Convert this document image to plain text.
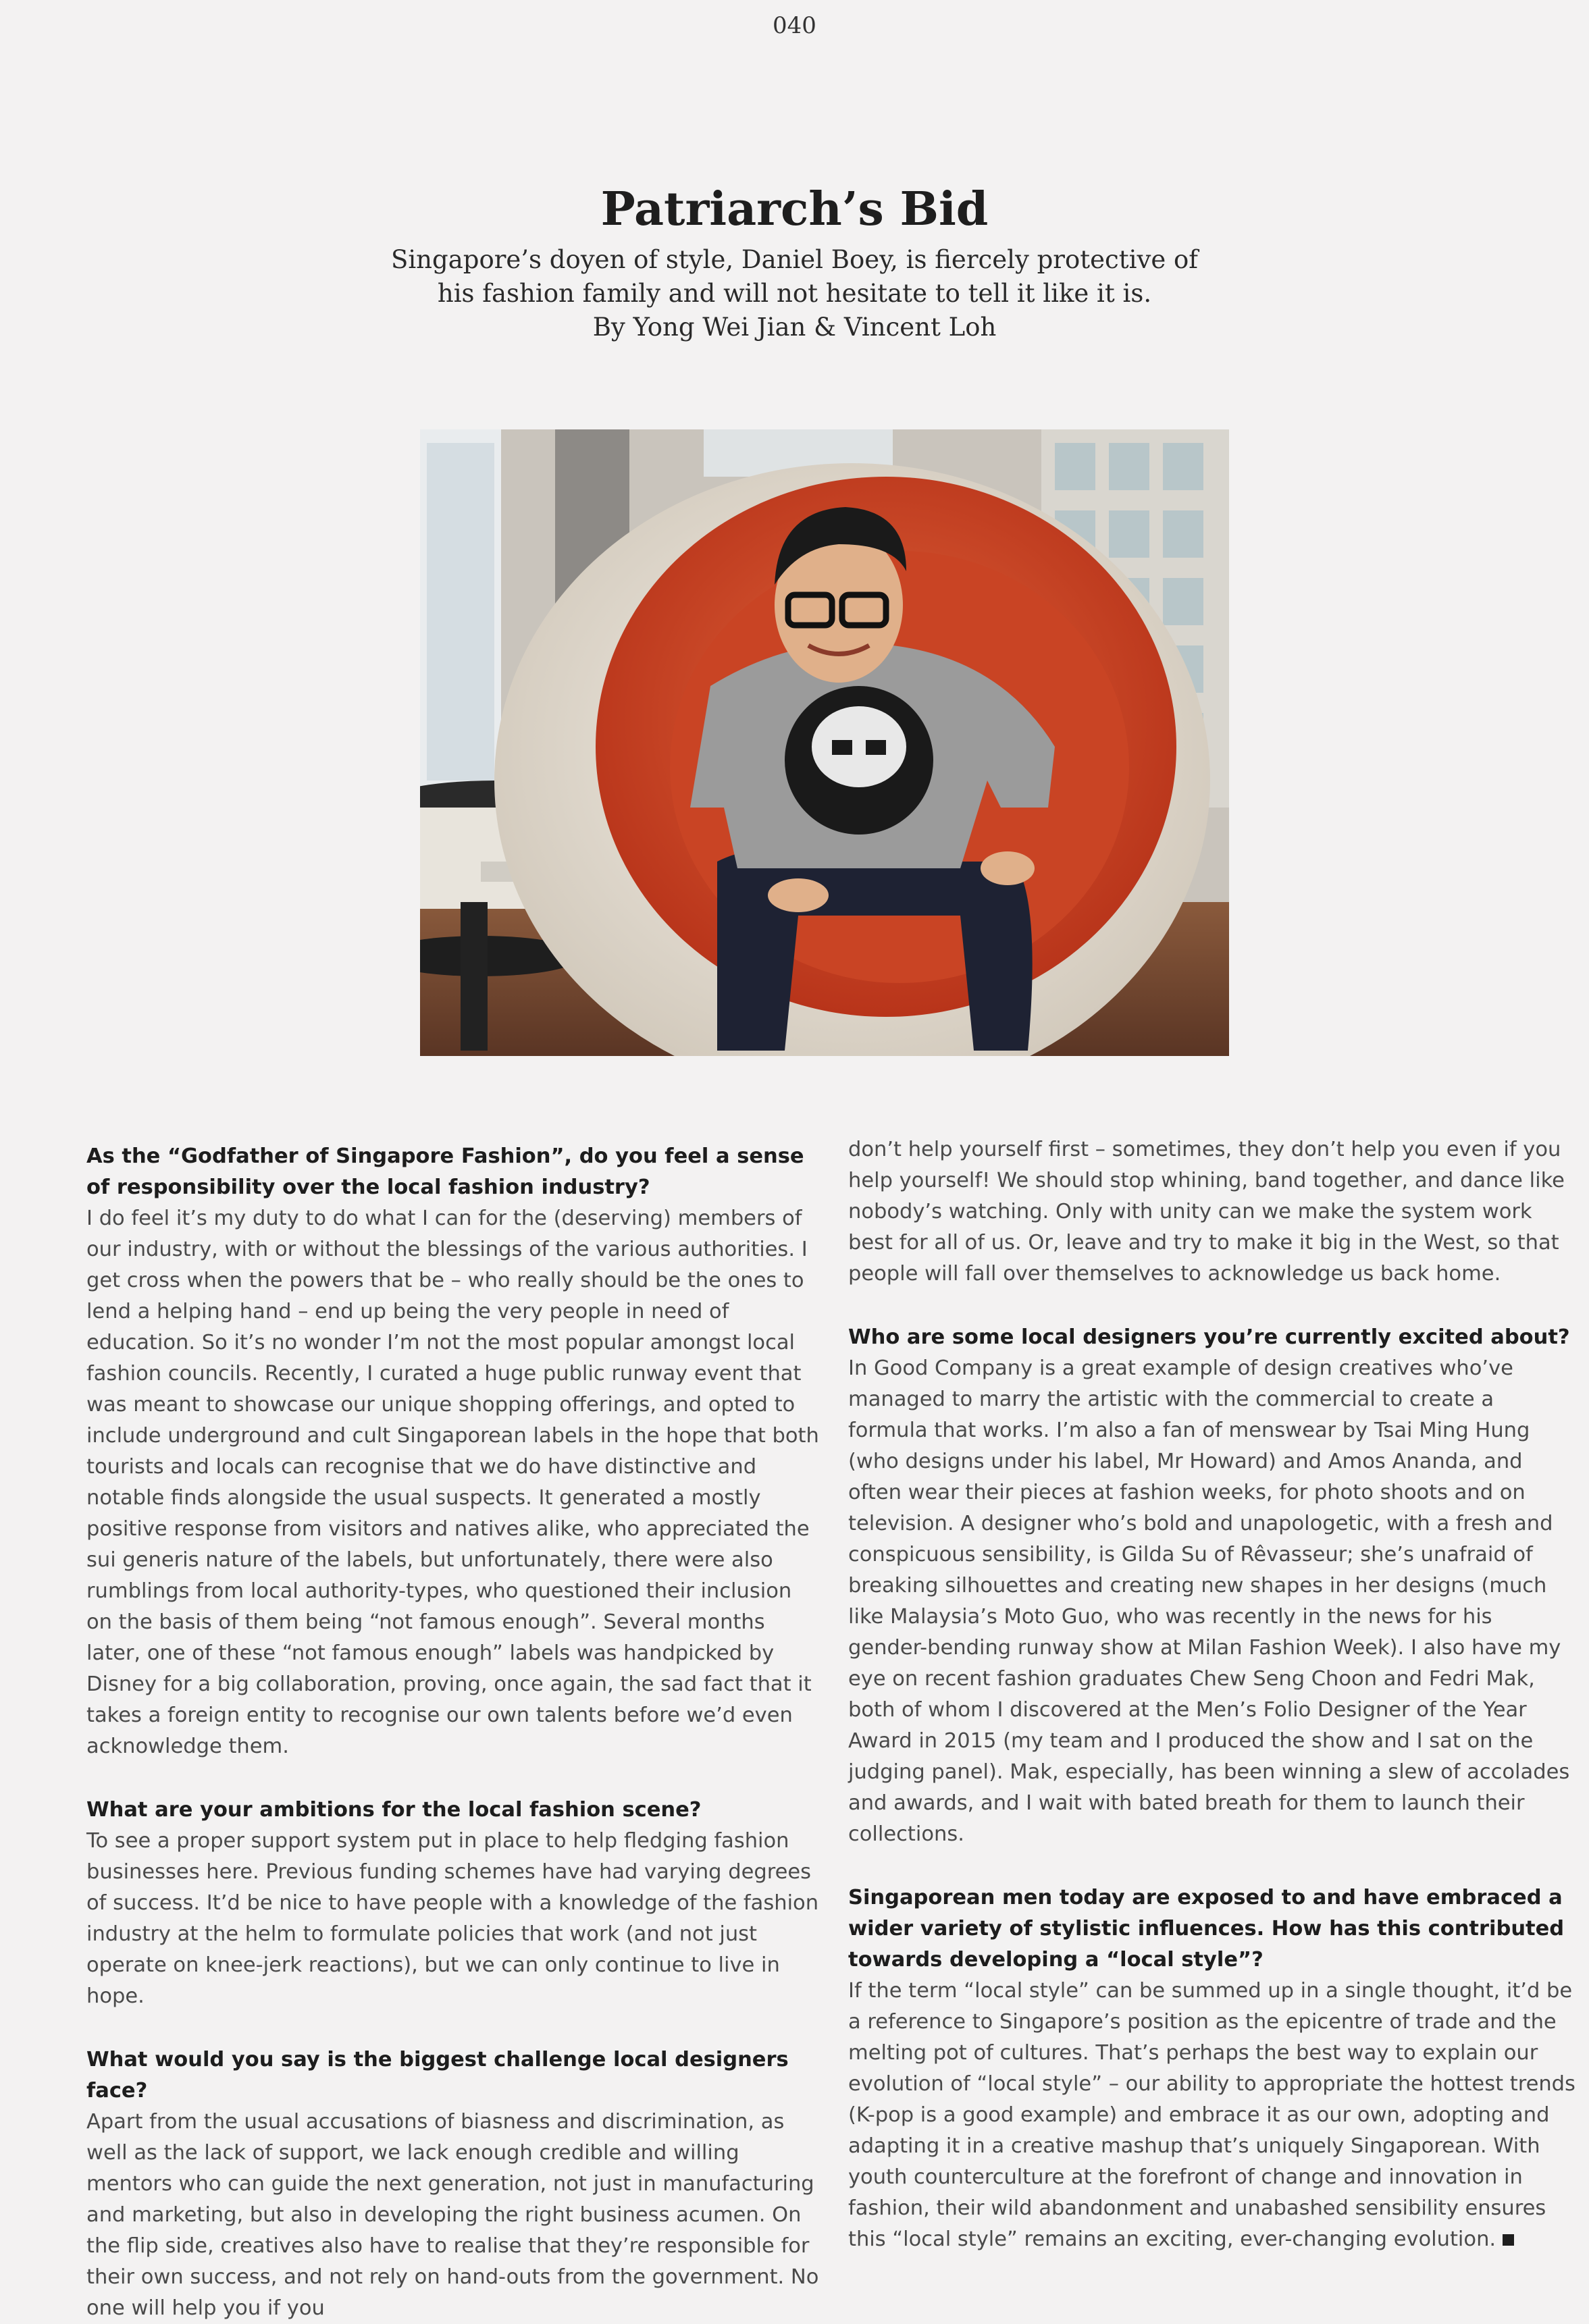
040
Patriarch’s Bid

Singapore’s doyen of style, Daniel Boey, is fiercely protective of

his fashion family and will not hesitate to tell it like it is.

By Yong Wei Jian & Vincent Loh

As the “Godfather of Singapore Fashion”, do you feel a sense of responsibility over the local fashion industry?

I do feel it’s my duty to do what I can for the (deserving) members of our industry, with or without the blessings of the various authorities. I get cross when the powers that be – who really should be the ones to lend a helping hand – end up being the very people in need of education. So it’s no wonder I’m not the most popular amongst local fashion councils. Recently, I curated a huge public runway event that was meant to showcase our unique shopping offerings, and opted to include underground and cult Singaporean labels in the hope that both tourists and locals can recognise that we do have distinctive and notable finds alongside the usual suspects. It generated a mostly positive response from visitors and natives alike, who appreciated the sui generis nature of the labels, but unfortunately, there were also rumblings from local authority-types, who questioned their inclusion on the basis of them being “not famous enough”. Several months later, one of these “not famous enough” labels was handpicked by Disney for a big collaboration, proving, once again, the sad fact that it takes a foreign entity to recognise our own talents before we’d even acknowledge them.

What are your ambitions for the local fashion scene?

To see a proper support system put in place to help fledging fashion businesses here. Previous funding schemes have had varying degrees of success. It’d be nice to have people with a knowledge of the fashion industry at the helm to formulate policies that work (and not just operate on knee-jerk reactions), but we can only continue to live in hope.

What would you say is the biggest challenge local designers face?

Apart from the usual accusations of biasness and discrimination, as well as the lack of support, we lack enough credible and willing mentors who can guide the next generation, not just in manufacturing and marketing, but also in developing the right business acumen. On the flip side, creatives also have to realise that they’re responsible for their own success, and not rely on hand-outs from the government. No one will help you if you

don’t help yourself first – sometimes, they don’t help you even if you help yourself! We should stop whining, band together, and dance like nobody’s watching. Only with unity can we make the system work best for all of us. Or, leave and try to make it big in the West, so that people will fall over themselves to acknowledge us back home.

Who are some local designers you’re currently excited about?

In Good Company is a great example of design creatives who’ve managed to marry the artistic with the commercial to create a formula that works. I’m also a fan of menswear by Tsai Ming Hung (who designs under his label, Mr Howard) and Amos Ananda, and often wear their pieces at fashion weeks, for photo shoots and on television. A designer who’s bold and unapologetic, with a fresh and conspicuous sensibility, is Gilda Su of Rêvasseur; she’s unafraid of breaking silhouettes and creating new shapes in her designs (much like Malaysia’s Moto Guo, who was recently in the news for his gender-bending runway show at Milan Fashion Week). I also have my eye on recent fashion graduates Chew Seng Choon and Fedri Mak, both of whom I discovered at the Men’s Folio Designer of the Year Award in 2015 (my team and I produced the show and I sat on the judging panel). Mak, especially, has been winning a slew of accolades and awards, and I wait with bated breath for them to launch their collections.

Singaporean men today are exposed to and have embraced a wider variety of stylistic influences. How has this contributed towards developing a “local style”?

If the term “local style” can be summed up in a single thought, it’d be a reference to Singapore’s position as the epicentre of trade and the melting pot of cultures. That’s perhaps the best way to explain our evolution of “local style” – our ability to appropriate the hottest trends (K-pop is a good example) and embrace it as our own, adopting and adapting it in a creative mashup that’s uniquely Singaporean. With youth counterculture at the forefront of change and innovation in fashion, their wild abandonment and unabashed sensibility ensures this “local style” remains an exciting, ever-changing evolution.
